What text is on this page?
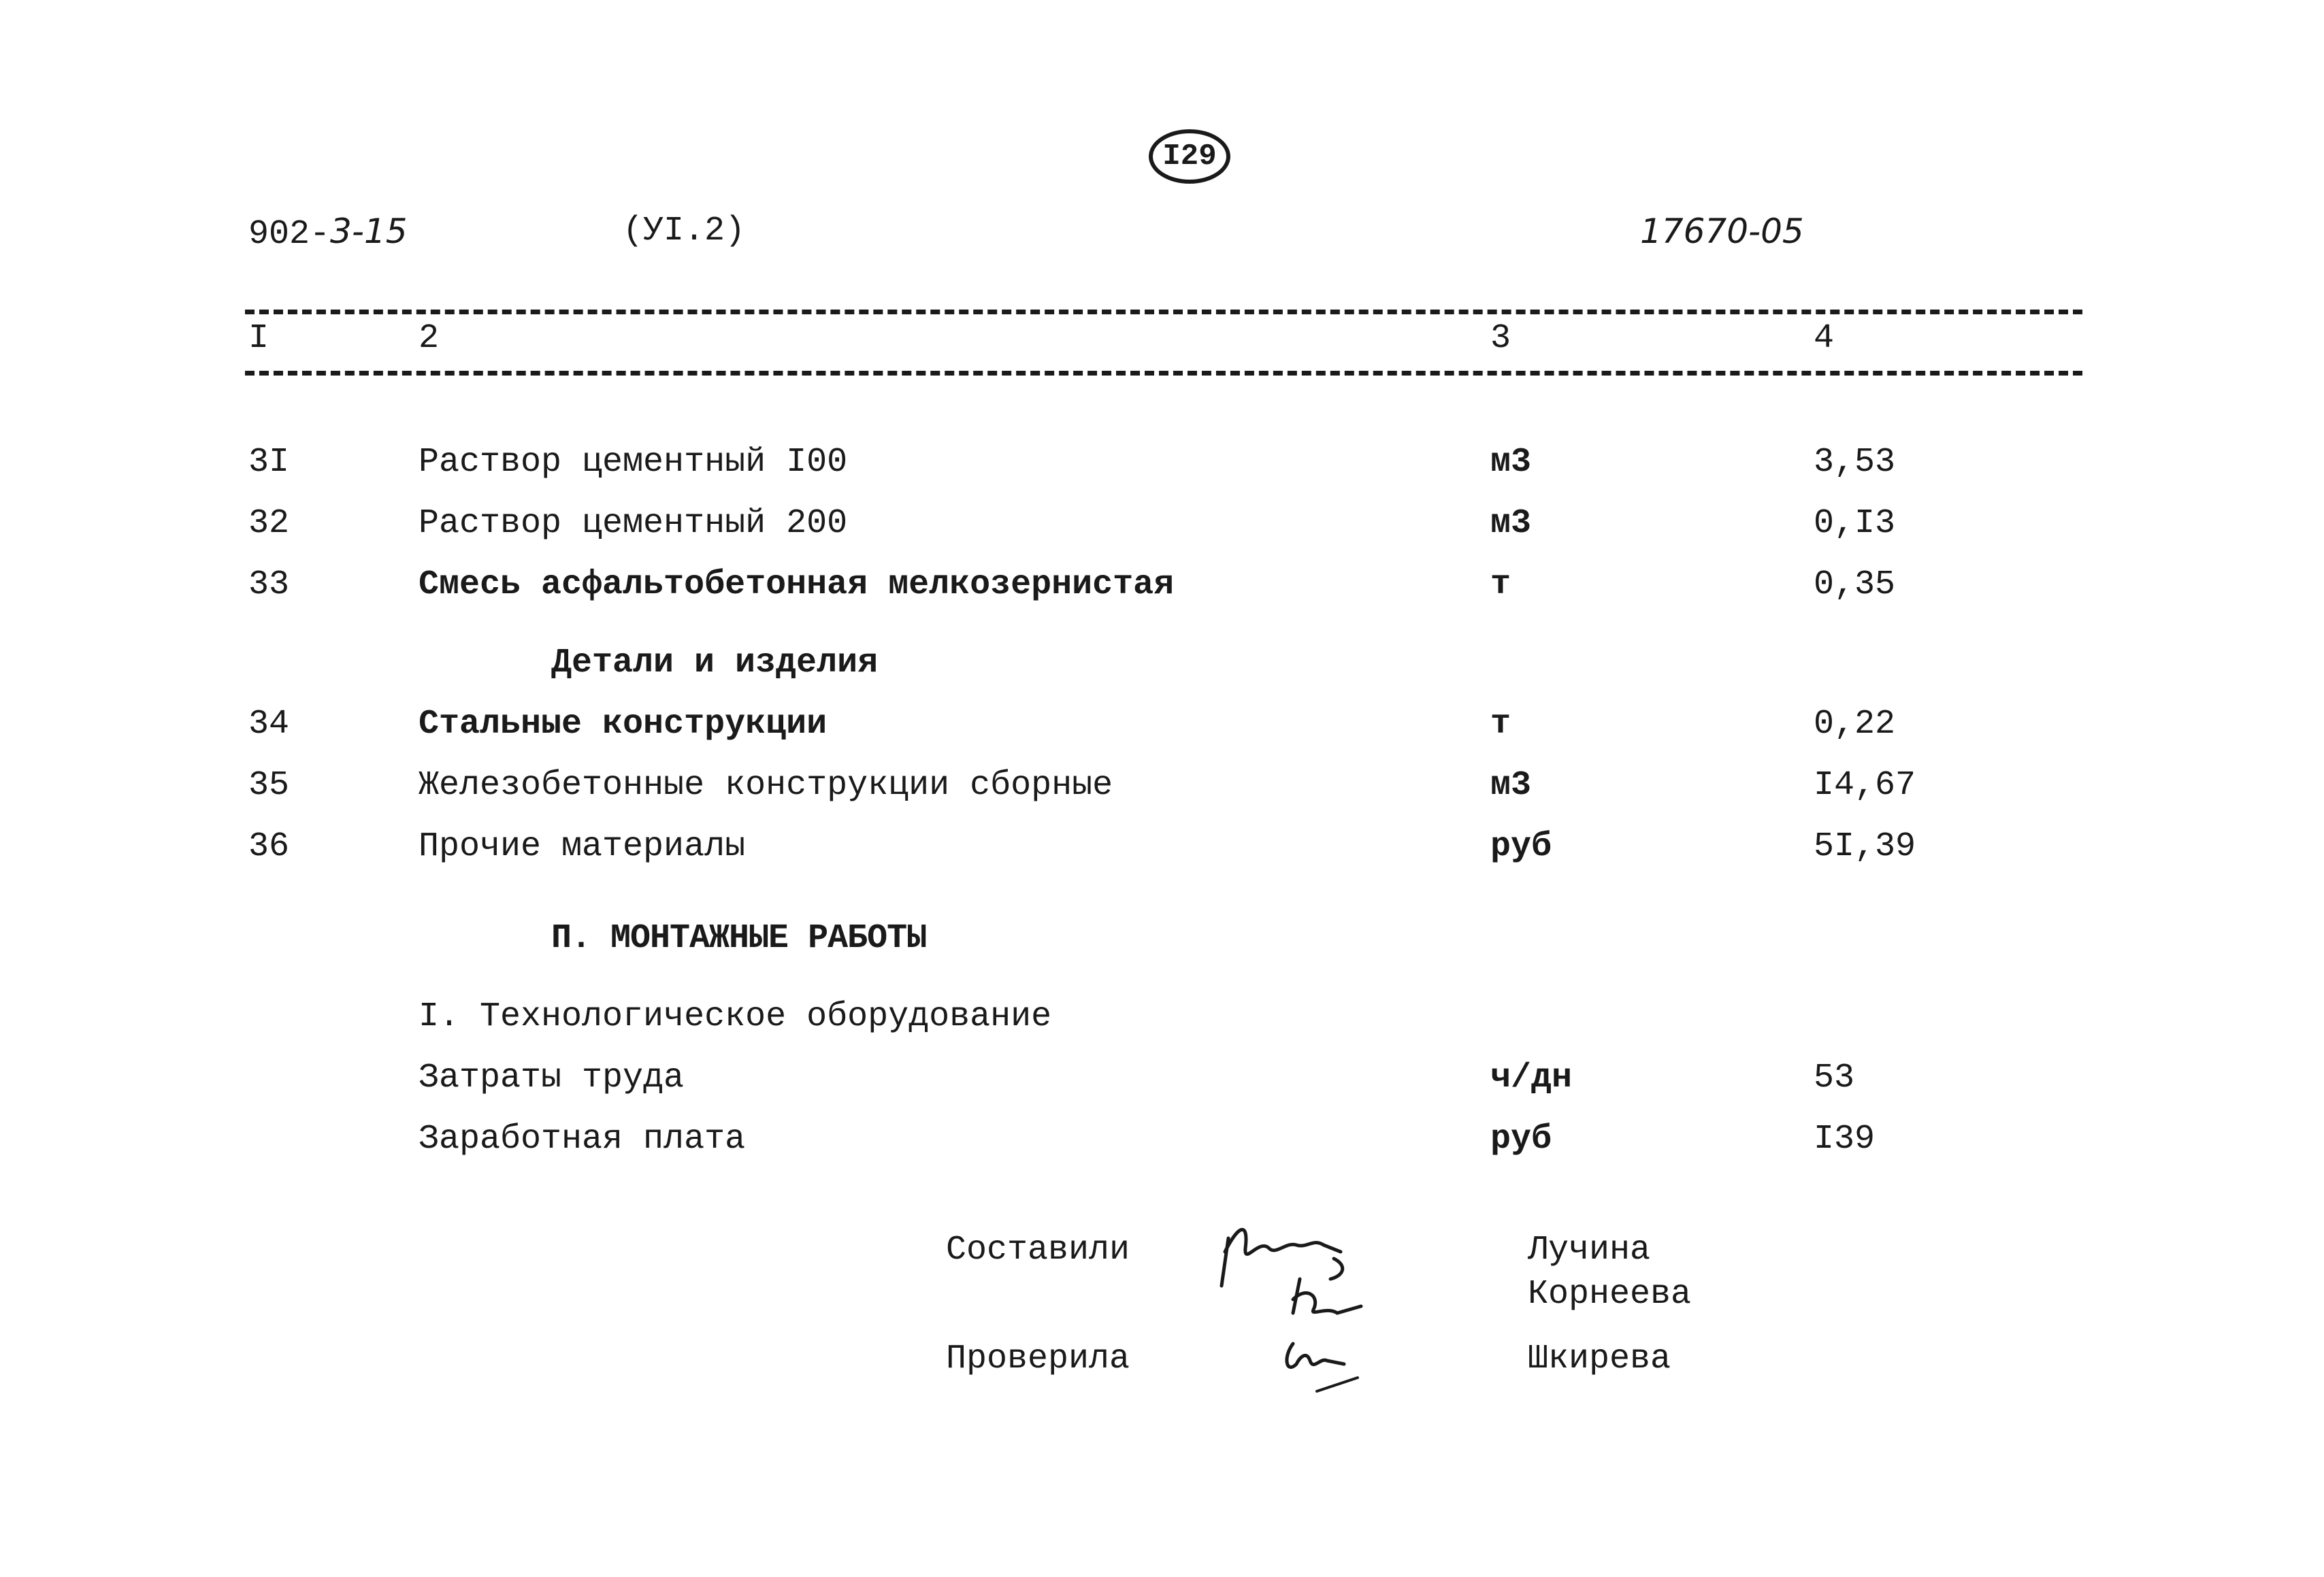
I29
902-3-15	(УI.2)	17670-05
I	2	3	4
3I	Раствор цементный I00	м3	3,53
32	Раствор цементный 200	м3	0,I3
33	Смесь асфальтобетонная мелкозернистая	т	0,35
Детали и изделия
34	Стальные конструкции	т	0,22
35	Железобетонные конструкции сборные	м3	I4,67
36	Прочие материалы	руб	5I,39
П. МОНТАЖНЫЕ РАБОТЫ
I. Технологическое оборудование
Затраты труда	ч/дн	53
Заработная плата	руб	I39
Составили	Лучина
Корнеева
Проверила	Шкирева
